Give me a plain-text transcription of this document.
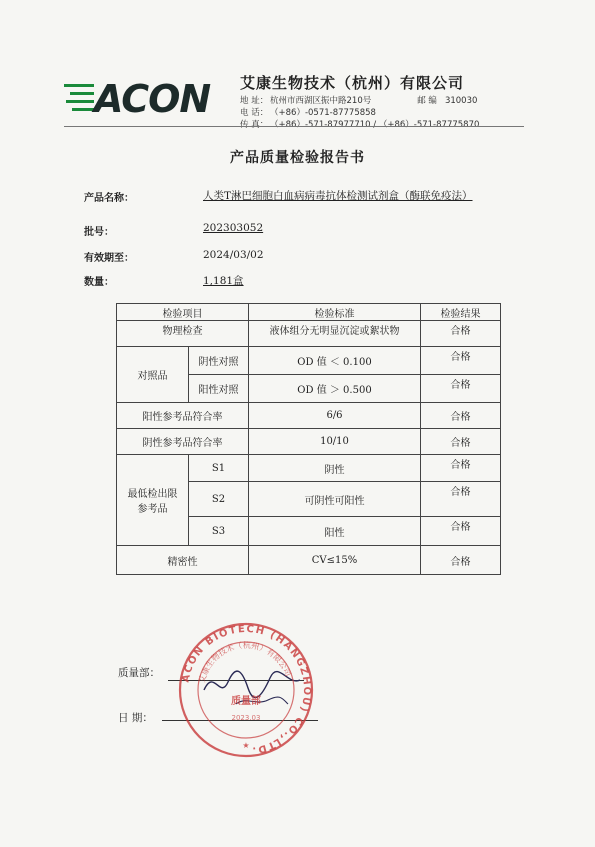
ACON 艾康生物技术（杭州）有限公司
地 址： 杭州市西湖区振中路210号	邮 编 310030
电 话： （+86）-0571-87775858
传 真： （+86）-571-87977710 / （+86）-571-87775870
产品质量检验报告书
产品名称：	人类T淋巴细胞白血病病毒抗体检测试剂盒（酶联免疫法）
批号：	202303052
有效期至：	2024/03/02
数量：	1,181盒
检验项目		检验标准	检验结果
物理检查		液体组分无明显沉淀或絮状物	合格
对照品	阴性对照	OD 值 ＜ 0.100	合格
	阳性对照	OD 值 ＞ 0.500	合格
阳性参考品符合率		6/6	合格
阴性参考品符合率		10/10	合格
最低检出限
参考品	S1	阴性	合格
	S2	可阴性可阳性	合格
	S3	阳性	合格
精密性		CV≤15%	合格
质量部：
日 期：
ACON BIOTECH (HANGZHOU) CO.,LTD.
艾康生物技术（杭州）有限公司
质量部
2023.03
★
